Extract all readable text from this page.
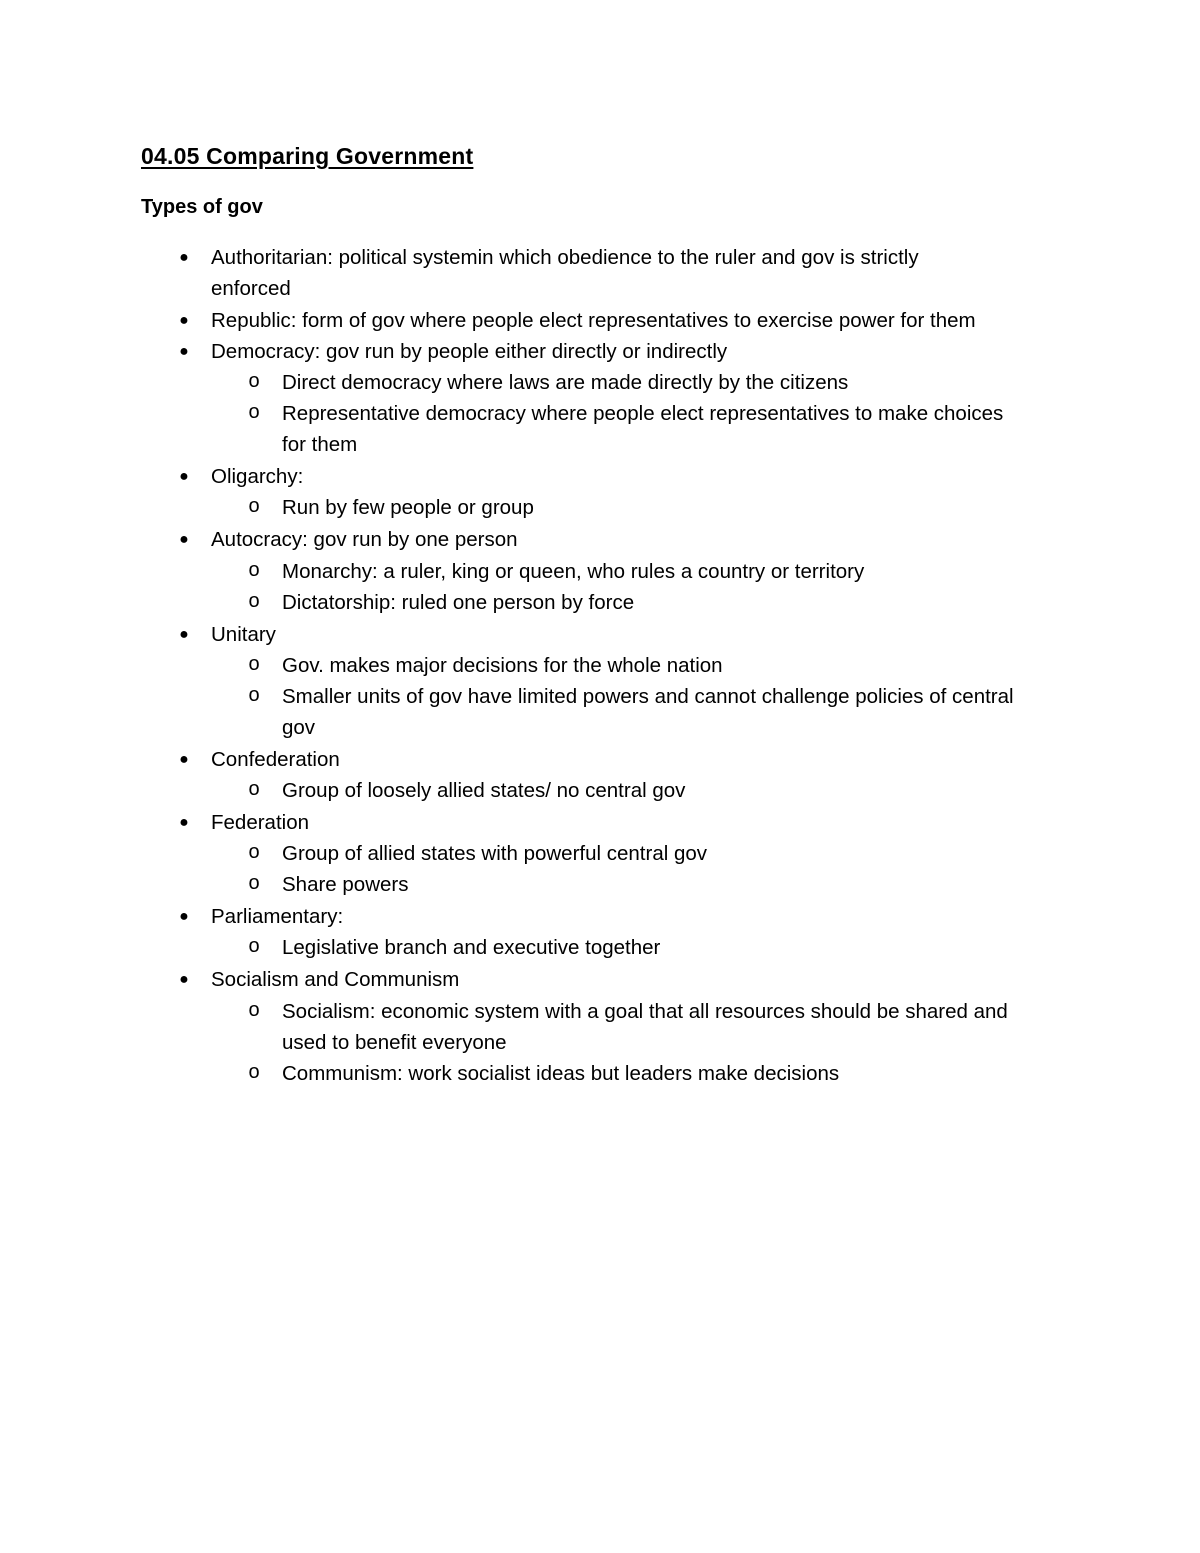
04.05 Comparing Government
Types of gov
● Authoritarian: political systemin which obedience to the ruler and gov is strictly
enforced
● Republic: form of gov where people elect representatives to exercise power for them
● Democracy: gov run by people either directly or indirectly
o Direct democracy where laws are made directly by the citizens
o Representative democracy where people elect representatives to make choices
for them
● Oligarchy:
o Run by few people or group
● Autocracy: gov run by one person
o Monarchy: a ruler, king or queen, who rules a country or territory
o Dictatorship: ruled one person by force
● Unitary
o Gov. makes major decisions for the whole nation
o Smaller units of gov have limited powers and cannot challenge policies of central
gov
● Confederation
o Group of loosely allied states/ no central gov
● Federation
o Group of allied states with powerful central gov
o Share powers
● Parliamentary:
o Legislative branch and executive together
● Socialism and Communism
o Socialism: economic system with a goal that all resources should be shared and
used to benefit everyone
o Communism: work socialist ideas but leaders make decisions
